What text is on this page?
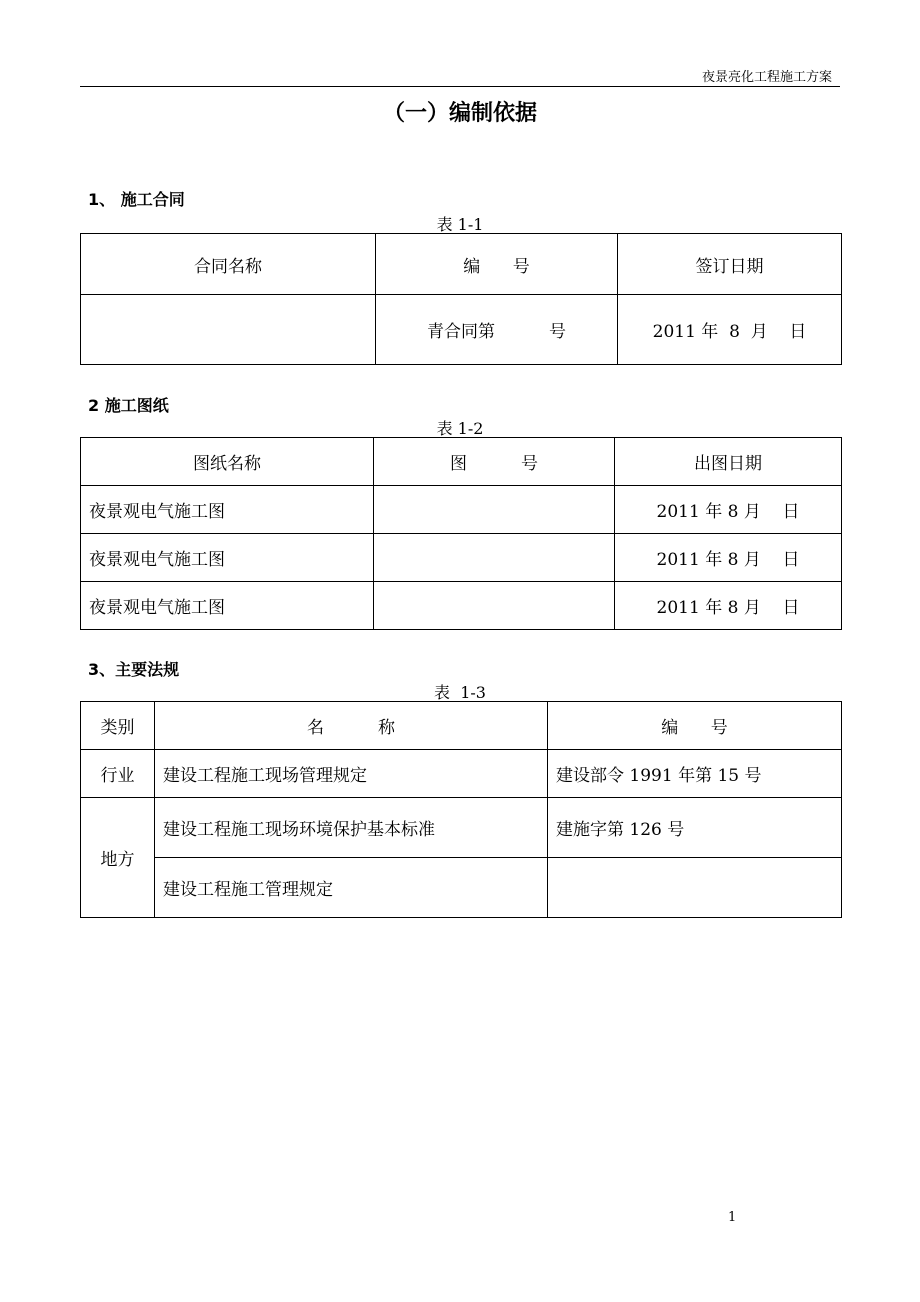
夜景亮化工程施工方案
（一）编制依据
1、 施工合同
表 1-1
合同名称	编      号	签订日期
	青合同第          号	2011 年  8  月    日
2 施工图纸
表 1-2
图纸名称	图          号	出图日期
夜景观电气施工图		2011 年 8 月    日
夜景观电气施工图		2011 年 8 月    日
夜景观电气施工图		2011 年 8 月    日
3、主要法规
表  1-3
类别	名          称	编      号
行业	建设工程施工现场管理规定	建设部令 1991 年第 15 号
地方	建设工程施工现场环境保护基本标准	建施字第 126 号
	建设工程施工管理规定	
1
